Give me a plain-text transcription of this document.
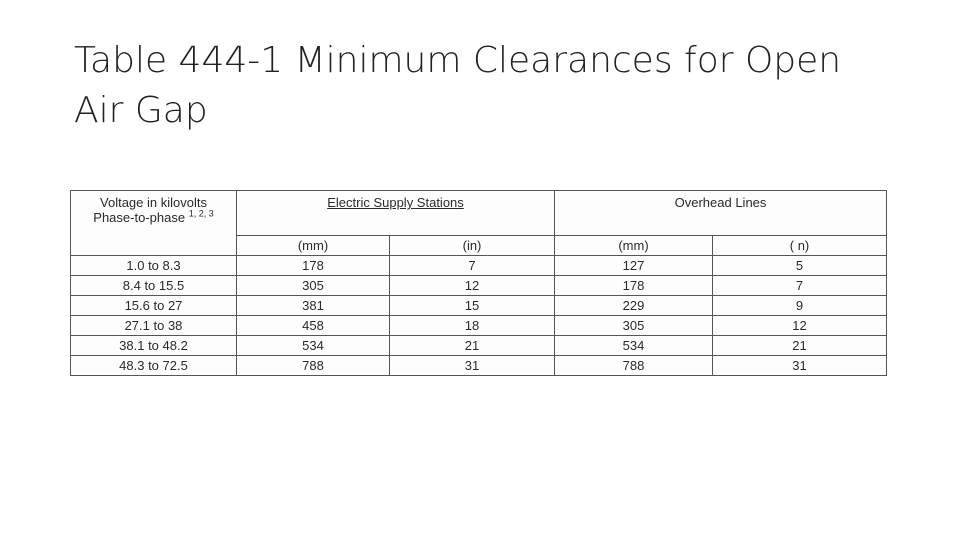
Table 444-1 Minimum Clearances for Open Air Gap
Voltage in kilovolts
Phase-to-phase $^{1, 2, 3}$	Electric Supply Stations		Overhead Lines	
	(mm)	(in)	(mm)	( n)
1.0 to 8.3	178	7	127	5
8.4 to 15.5	305	12	178	7
15.6 to 27	381	15	229	9
27.1 to 38	458	18	305	12
38.1 to 48.2	534	21	534	21
48.3 to 72.5	788	31	788	31
